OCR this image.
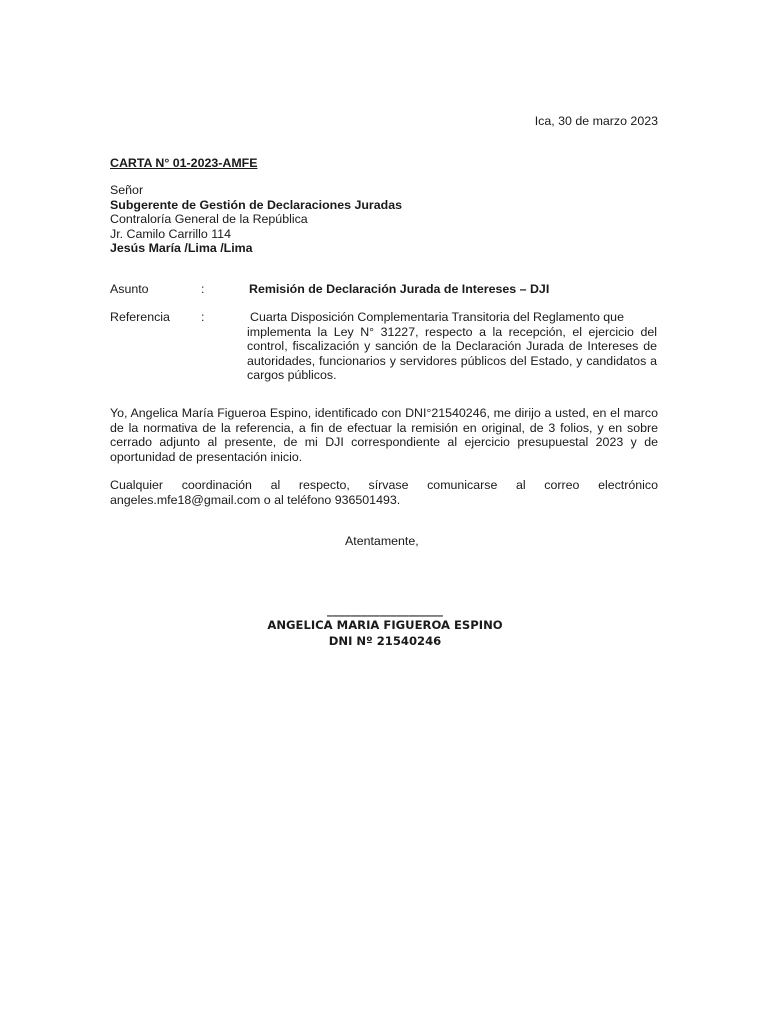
Ica, 30 de marzo 2023
CARTA N° 01-2023-AMFE
Señor
Subgerente de Gestión de Declaraciones Juradas
Contraloría General de la República
Jr. Camilo Carrillo 114
Jesús María /Lima /Lima
Asunto	:	Remisión de Declaración Jurada de Intereses – DJI
Referencia	:	Cuarta Disposición Complementaria Transitoria del Reglamento que
implementa la Ley N° 31227, respecto a la recepción, el ejercicio del control, fiscalización y sanción de la Declaración Jurada de Intereses de autoridades, funcionarios y servidores públicos del Estado, y candidatos a cargos públicos.
Yo, Angelica María Figueroa Espino, identificado con DNI°21540246, me dirijo a usted, en el marco de la normativa de la referencia, a fin de efectuar la remisión en original, de 3 folios, y en sobre cerrado adjunto al presente, de mi DJI correspondiente al ejercicio presupuestal 2023 y de oportunidad de presentación inicio.
Cualquier coordinación al respecto, sírvase comunicarse al correo electrónico angeles.mfe18@gmail.com o al teléfono 936501493.
Atentamente,
____________________
ANGELICA MARIA FIGUEROA ESPINO
DNI Nº 21540246
